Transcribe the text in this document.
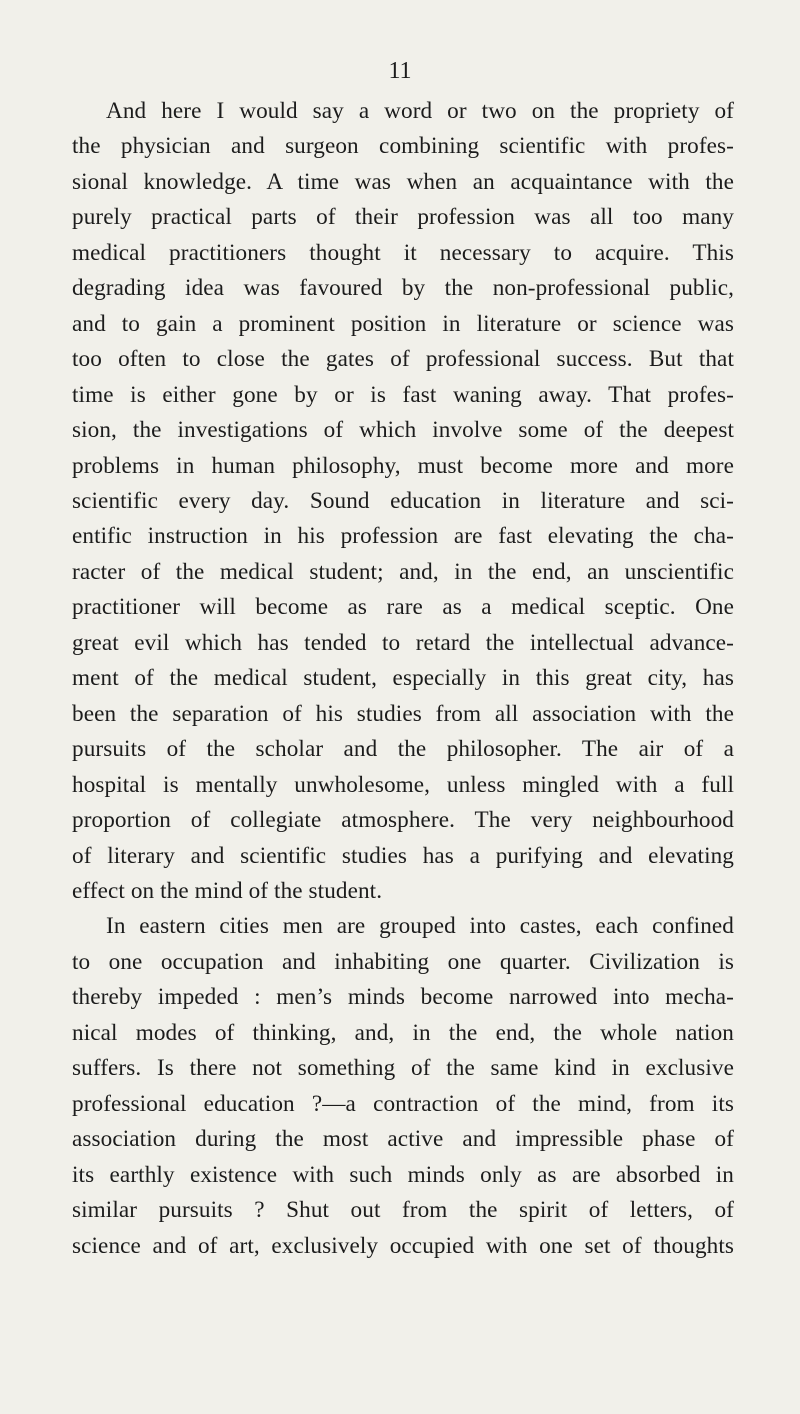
11
And here I would say a word or two on the propriety of
the physician and surgeon combining scientific with profes-
sional knowledge. A time was when an acquaintance with the
purely practical parts of their profession was all too many
medical practitioners thought it necessary to acquire. This
degrading idea was favoured by the non-professional public,
and to gain a prominent position in literature or science was
too often to close the gates of professional success. But that
time is either gone by or is fast waning away. That profes-
sion, the investigations of which involve some of the deepest
problems in human philosophy, must become more and more
scientific every day. Sound education in literature and sci-
entific instruction in his profession are fast elevating the cha-
racter of the medical student; and, in the end, an unscientific
practitioner will become as rare as a medical sceptic. One
great evil which has tended to retard the intellectual advance-
ment of the medical student, especially in this great city, has
been the separation of his studies from all association with the
pursuits of the scholar and the philosopher. The air of a
hospital is mentally unwholesome, unless mingled with a full
proportion of collegiate atmosphere. The very neighbourhood
of literary and scientific studies has a purifying and elevating
effect on the mind of the student.
In eastern cities men are grouped into castes, each confined
to one occupation and inhabiting one quarter. Civilization is
thereby impeded : men’s minds become narrowed into mecha-
nical modes of thinking, and, in the end, the whole nation
suffers. Is there not something of the same kind in exclusive
professional education ?—a contraction of the mind, from its
association during the most active and impressible phase of
its earthly existence with such minds only as are absorbed in
similar pursuits ? Shut out from the spirit of letters, of
science and of art, exclusively occupied with one set of thoughts
